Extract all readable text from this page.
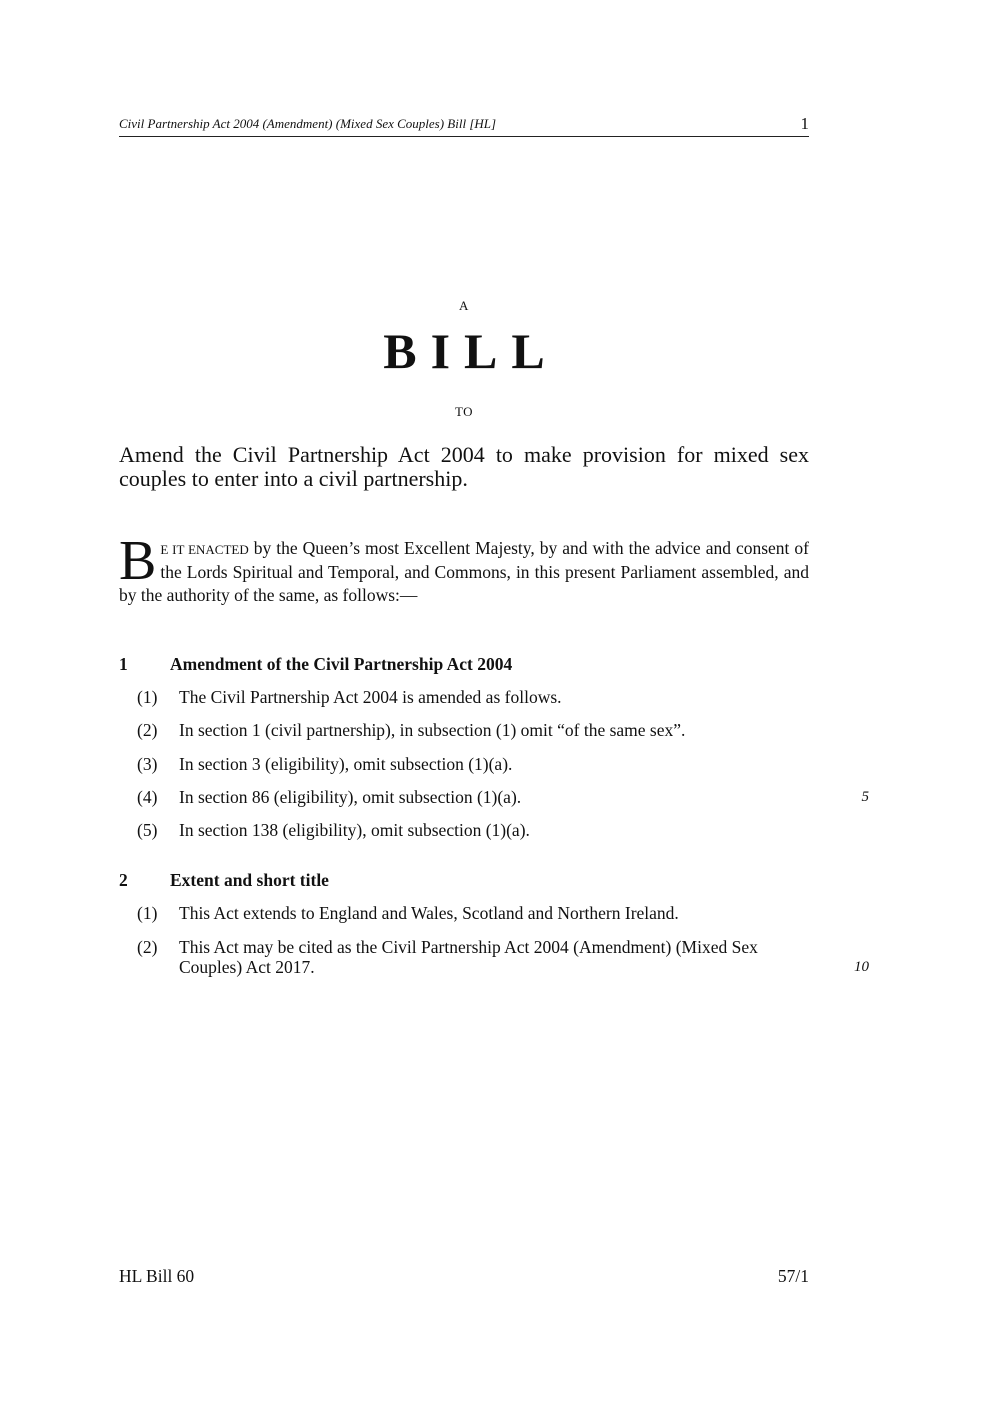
Civil Partnership Act 2004 (Amendment) (Mixed Sex Couples) Bill [HL]	1
A
BILL
TO
Amend the Civil Partnership Act 2004 to make provision for mixed sex couples to enter into a civil partnership.
B E IT ENACTED by the Queen’s most Excellent Majesty, by and with the advice and consent of the Lords Spiritual and Temporal, and Commons, in this present Parliament assembled, and by the authority of the same, as follows:—
1 Amendment of the Civil Partnership Act 2004
(1) The Civil Partnership Act 2004 is amended as follows.
(2) In section 1 (civil partnership), in subsection (1) omit “of the same sex”.
(3) In section 3 (eligibility), omit subsection (1)(a).
(4) In section 86 (eligibility), omit subsection (1)(a).
(5) In section 138 (eligibility), omit subsection (1)(a).
5
2 Extent and short title
(1) This Act extends to England and Wales, Scotland and Northern Ireland.
(2) This Act may be cited as the Civil Partnership Act 2004 (Amendment) (Mixed Sex Couples) Act 2017.	10
HL Bill 60	57/1
